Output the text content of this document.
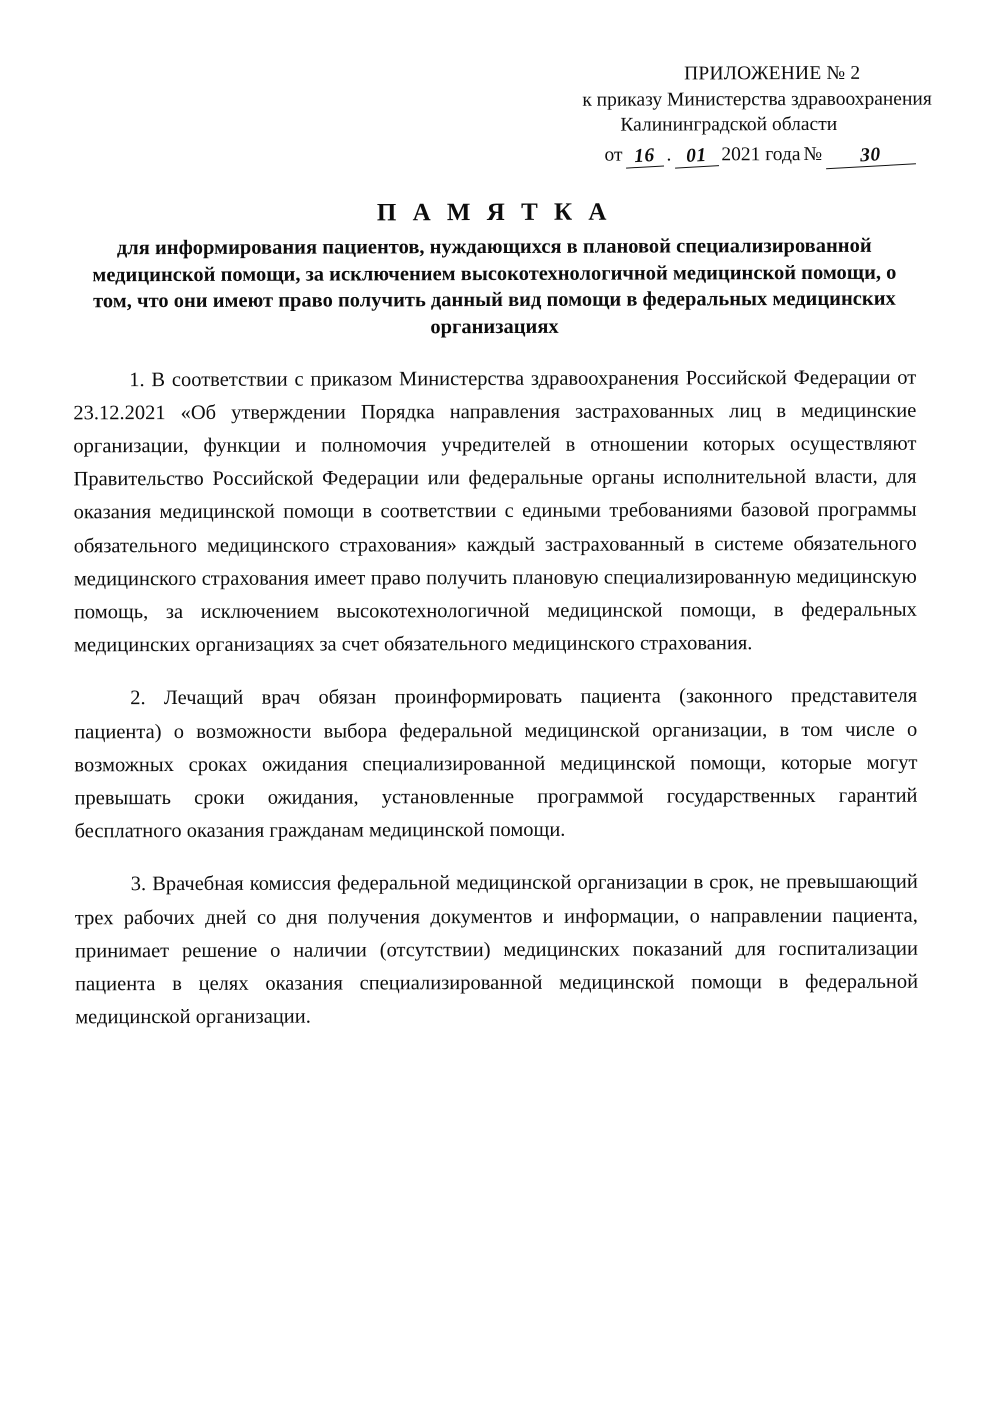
ПРИЛОЖЕНИЕ № 2
к приказу Министерства здравоохранения
Калининградской области
от 16 . 01 2021 года №	30
П А М Я Т К А
для информирования пациентов, нуждающихся в плановой специализированной медицинской помощи, за исключением высокотехнологичной медицинской помощи, о том, что они имеют право получить данный вид помощи в федеральных медицинских организациях

1. В соответствии с приказом Министерства здравоохранения Российской Федерации от 23.12.2021 «Об утверждении Порядка направления застрахованных лиц в медицинские организации, функции и полномочия учредителей в отношении которых осуществляют Правительство Российской Федерации или федеральные органы исполнительной власти, для оказания медицинской помощи в соответствии с едиными требованиями базовой программы обязательного медицинского страхования» каждый застрахованный в системе обязательного медицинского страхования имеет право получить плановую специализированную медицинскую помощь, за исключением высокотехнологичной медицинской помощи, в федеральных медицинских организациях за счет обязательного медицинского страхования.

2. Лечащий врач обязан проинформировать пациента (законного представителя пациента) о возможности выбора федеральной медицинской организации, в том числе о возможных сроках ожидания специализированной медицинской помощи, которые могут превышать сроки ожидания, установленные программой государственных гарантий бесплатного оказания гражданам медицинской помощи.

3. Врачебная комиссия федеральной медицинской организации в срок, не превышающий трех рабочих дней со дня получения документов и информации, о направлении пациента, принимает решение о наличии (отсутствии) медицинских показаний для госпитализации пациента в целях оказания специализированной медицинской помощи в федеральной медицинской организации.
